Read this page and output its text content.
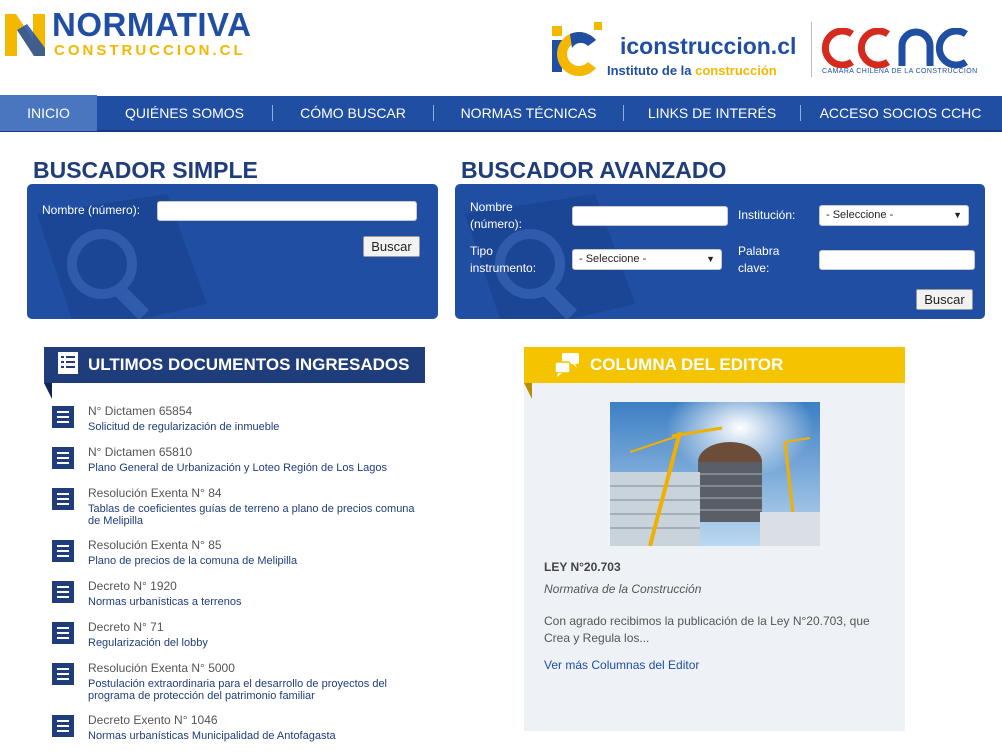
NORMATIVA
CONSTRUCCION.CL	iconstruccion.cl
Instituto de la construcción	CAMARA CHILENA DE LA CONSTRUCCION
INICIO	QUIÉNES SOMOS	CÓMO BUSCAR	NORMAS TÉCNICAS	LINKS DE INTERÉS	ACCESO SOCIOS CCHC
BUSCADOR SIMPLE
Nombre (número):
Buscar
BUSCADOR AVANZADO
Nombre
(número):
Institución:	- Seleccione -	▼
Tipo
instrumento:
- Seleccione -	▼
Palabra
clave:
Buscar
ULTIMOS DOCUMENTOS INGRESADOS
N° Dictamen 65854
Solicitud de regularización de inmueble
N° Dictamen 65810
Plano General de Urbanización y Loteo Región de Los Lagos
Resolución Exenta N° 84
Tablas de coeficientes guías de terreno a plano de precios comuna de Melipilla
Resolución Exenta N° 85
Plano de precios de la comuna de Melipilla
Decreto N° 1920
Normas urbanísticas a terrenos
Decreto N° 71
Regularización del lobby
Resolución Exenta N° 5000
Postulación extraordinaria para el desarrollo de proyectos del programa de protección del patrimonio familiar
Decreto Exento N° 1046
Normas urbanísticas Municipalidad de Antofagasta
COLUMNA DEL EDITOR
LEY N°20.703
Normativa de la Construcción
Con agrado recibimos la publicación de la Ley N°20.703, que Crea y Regula los...
Ver más Columnas del Editor
